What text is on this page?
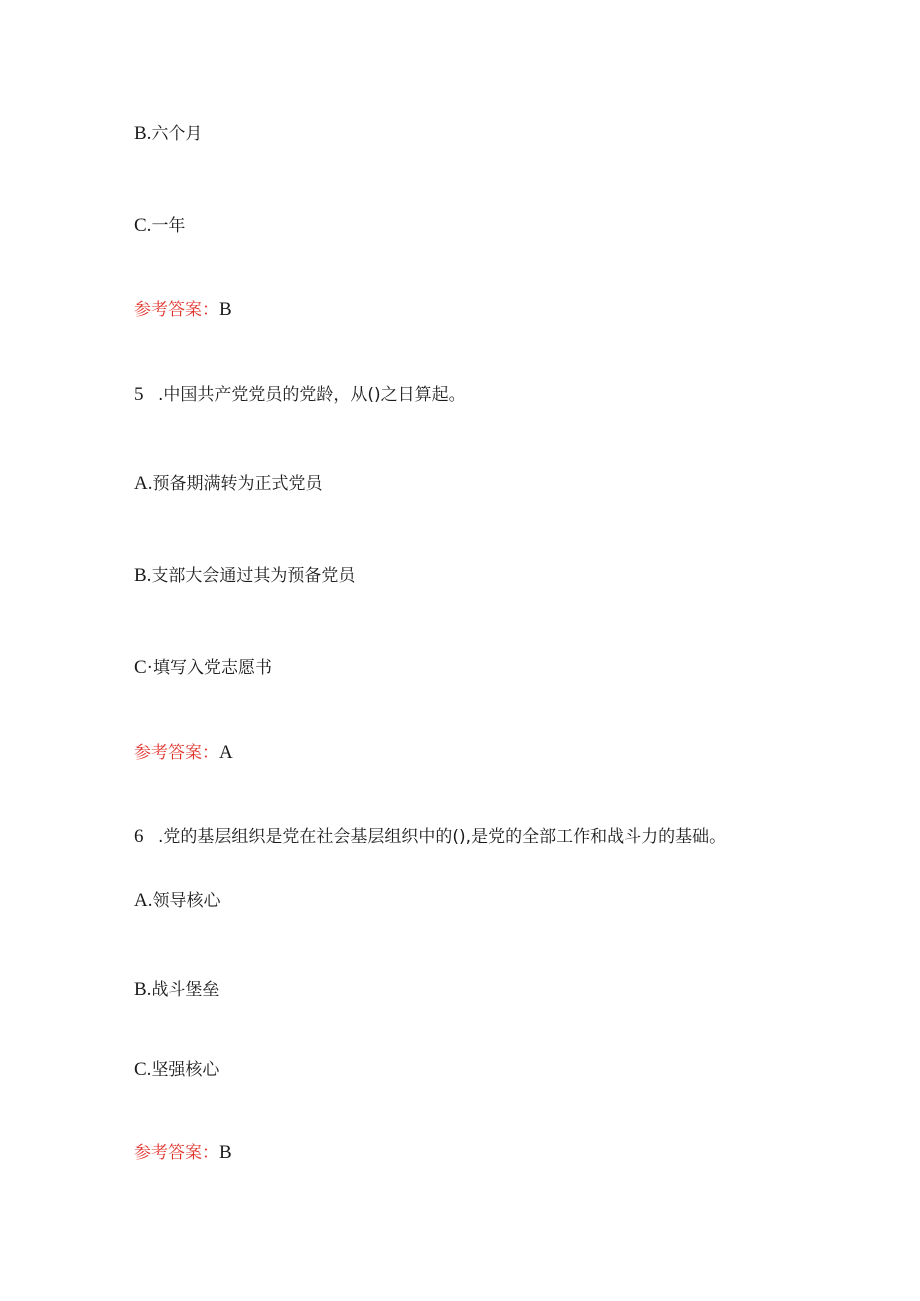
B.六个月
C.一年
参考答案：B
5 .中国共产党党员的党龄，从()之日算起。
A.预备期满转为正式党员
B.支部大会通过其为预备党员
C·填写入党志愿书
参考答案：A
6 .党的基层组织是党在社会基层组织中的(),是党的全部工作和战斗力的基础。
A.领导核心
B.战斗堡垒
C.坚强核心
参考答案：B
